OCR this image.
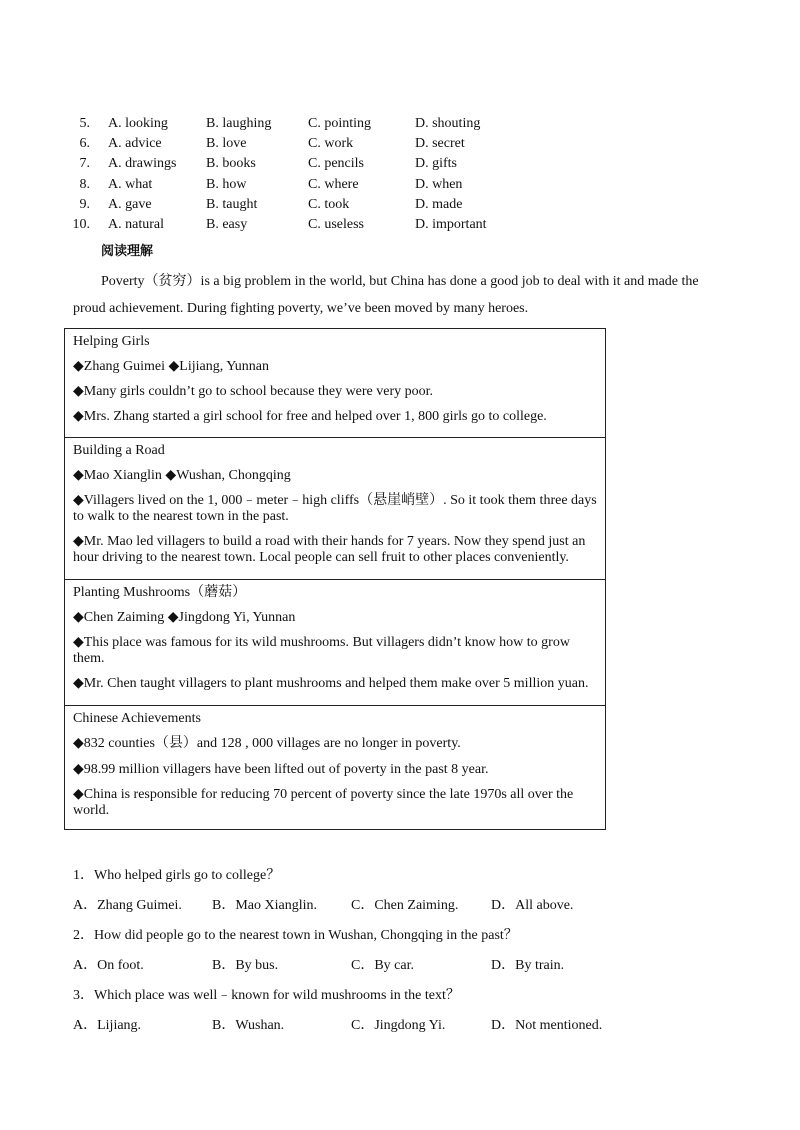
5. A. looking	B. laughing	C. pointing	D. shouting
6. A. advice	B. love	C. work	D. secret
7. A. drawings B. books	C. pencils	D. gifts
8. A. what	B. how	C. where	D. when
9. A. gave	B. taught	C. took	D. made
10. A. natural	B. easy	C. useless	D. important
阅读理解
Poverty（贫穷）is a big problem in the world, but China has done a good job to deal with it and made the
proud achievement. During fighting poverty, we’ve been moved by many heroes.
Helping Girls
◆Zhang Guimei ◆Lijiang, Yunnan
◆Many girls couldn’t go to school because they were very poor.
◆Mrs. Zhang started a girl school for free and helped over 1, 800 girls go to college.
Building a Road
◆Mao Xianglin ◆Wushan, Chongqing
◆Villagers lived on the 1, 000﹣meter﹣high cliffs（悬崖峭壁）. So it took them three days to walk to the nearest town in the past.
◆Mr. Mao led villagers to build a road with their hands for 7 years. Now they spend just an hour driving to the nearest town. Local people can sell fruit to other places conveniently.
Planting Mushrooms（蘑菇）
◆Chen Zaiming ◆Jingdong Yi, Yunnan
◆This place was famous for its wild mushrooms. But villagers didn’t know how to grow them.
◆Mr. Chen taught villagers to plant mushrooms and helped them make over 5 million yuan.
Chinese Achievements
◆832 counties（县）and 128 , 000 villages are no longer in poverty.
◆98.99 million villagers have been lifted out of poverty in the past 8 year.
◆China is responsible for reducing 70 percent of poverty since the late 1970s all over the world.
1．Who helped girls go to college？
A．Zhang Guimei. B．Mao Xianglin. C．Chen Zaiming. D．All above.
2．How did people go to the nearest town in Wushan, Chongqing in the past？
A．On foot.	B．By bus.	C．By car.	D．By train.
3．Which place was well﹣known for wild mushrooms in the text？
A．Lijiang.	B．Wushan.	C．Jingdong Yi.	D．Not mentioned.
